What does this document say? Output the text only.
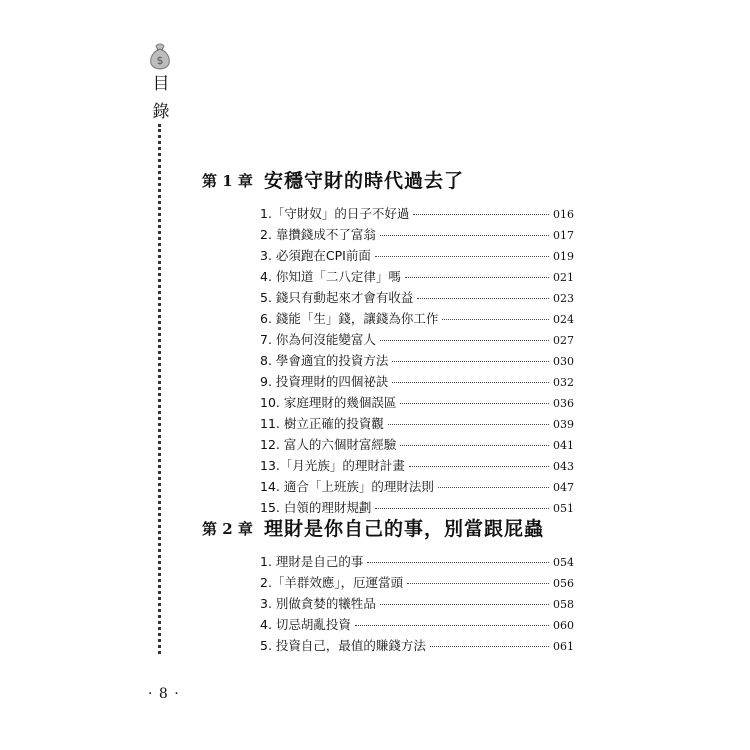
$
目
錄
第 1 章 安穩守財的時代過去了
1.「守財奴」的日子不好過	016
2. 靠攢錢成不了富翁	017
3. 必須跑在CPI前面	019
4. 你知道「二八定律」嗎	021
5. 錢只有動起來才會有收益	023
6. 錢能「生」錢，讓錢為你工作	024
7. 你為何沒能變富人	027
8. 學會適宜的投資方法	030
9. 投資理財的四個祕訣	032
10. 家庭理財的幾個誤區	036
11. 樹立正確的投資觀	039
12. 富人的六個財富經驗	041
13.「月光族」的理財計畫	043
14. 適合「上班族」的理財法則	047
15. 白領的理財規劃	051
第 2 章 理財是你自己的事，別當跟屁蟲
1. 理財是自己的事	054
2.「羊群效應」，厄運當頭	056
3. 別做貪婪的犧牲品	058
4. 切忌胡亂投資	060
5. 投資自己，最值的賺錢方法	061
· 8 ·
